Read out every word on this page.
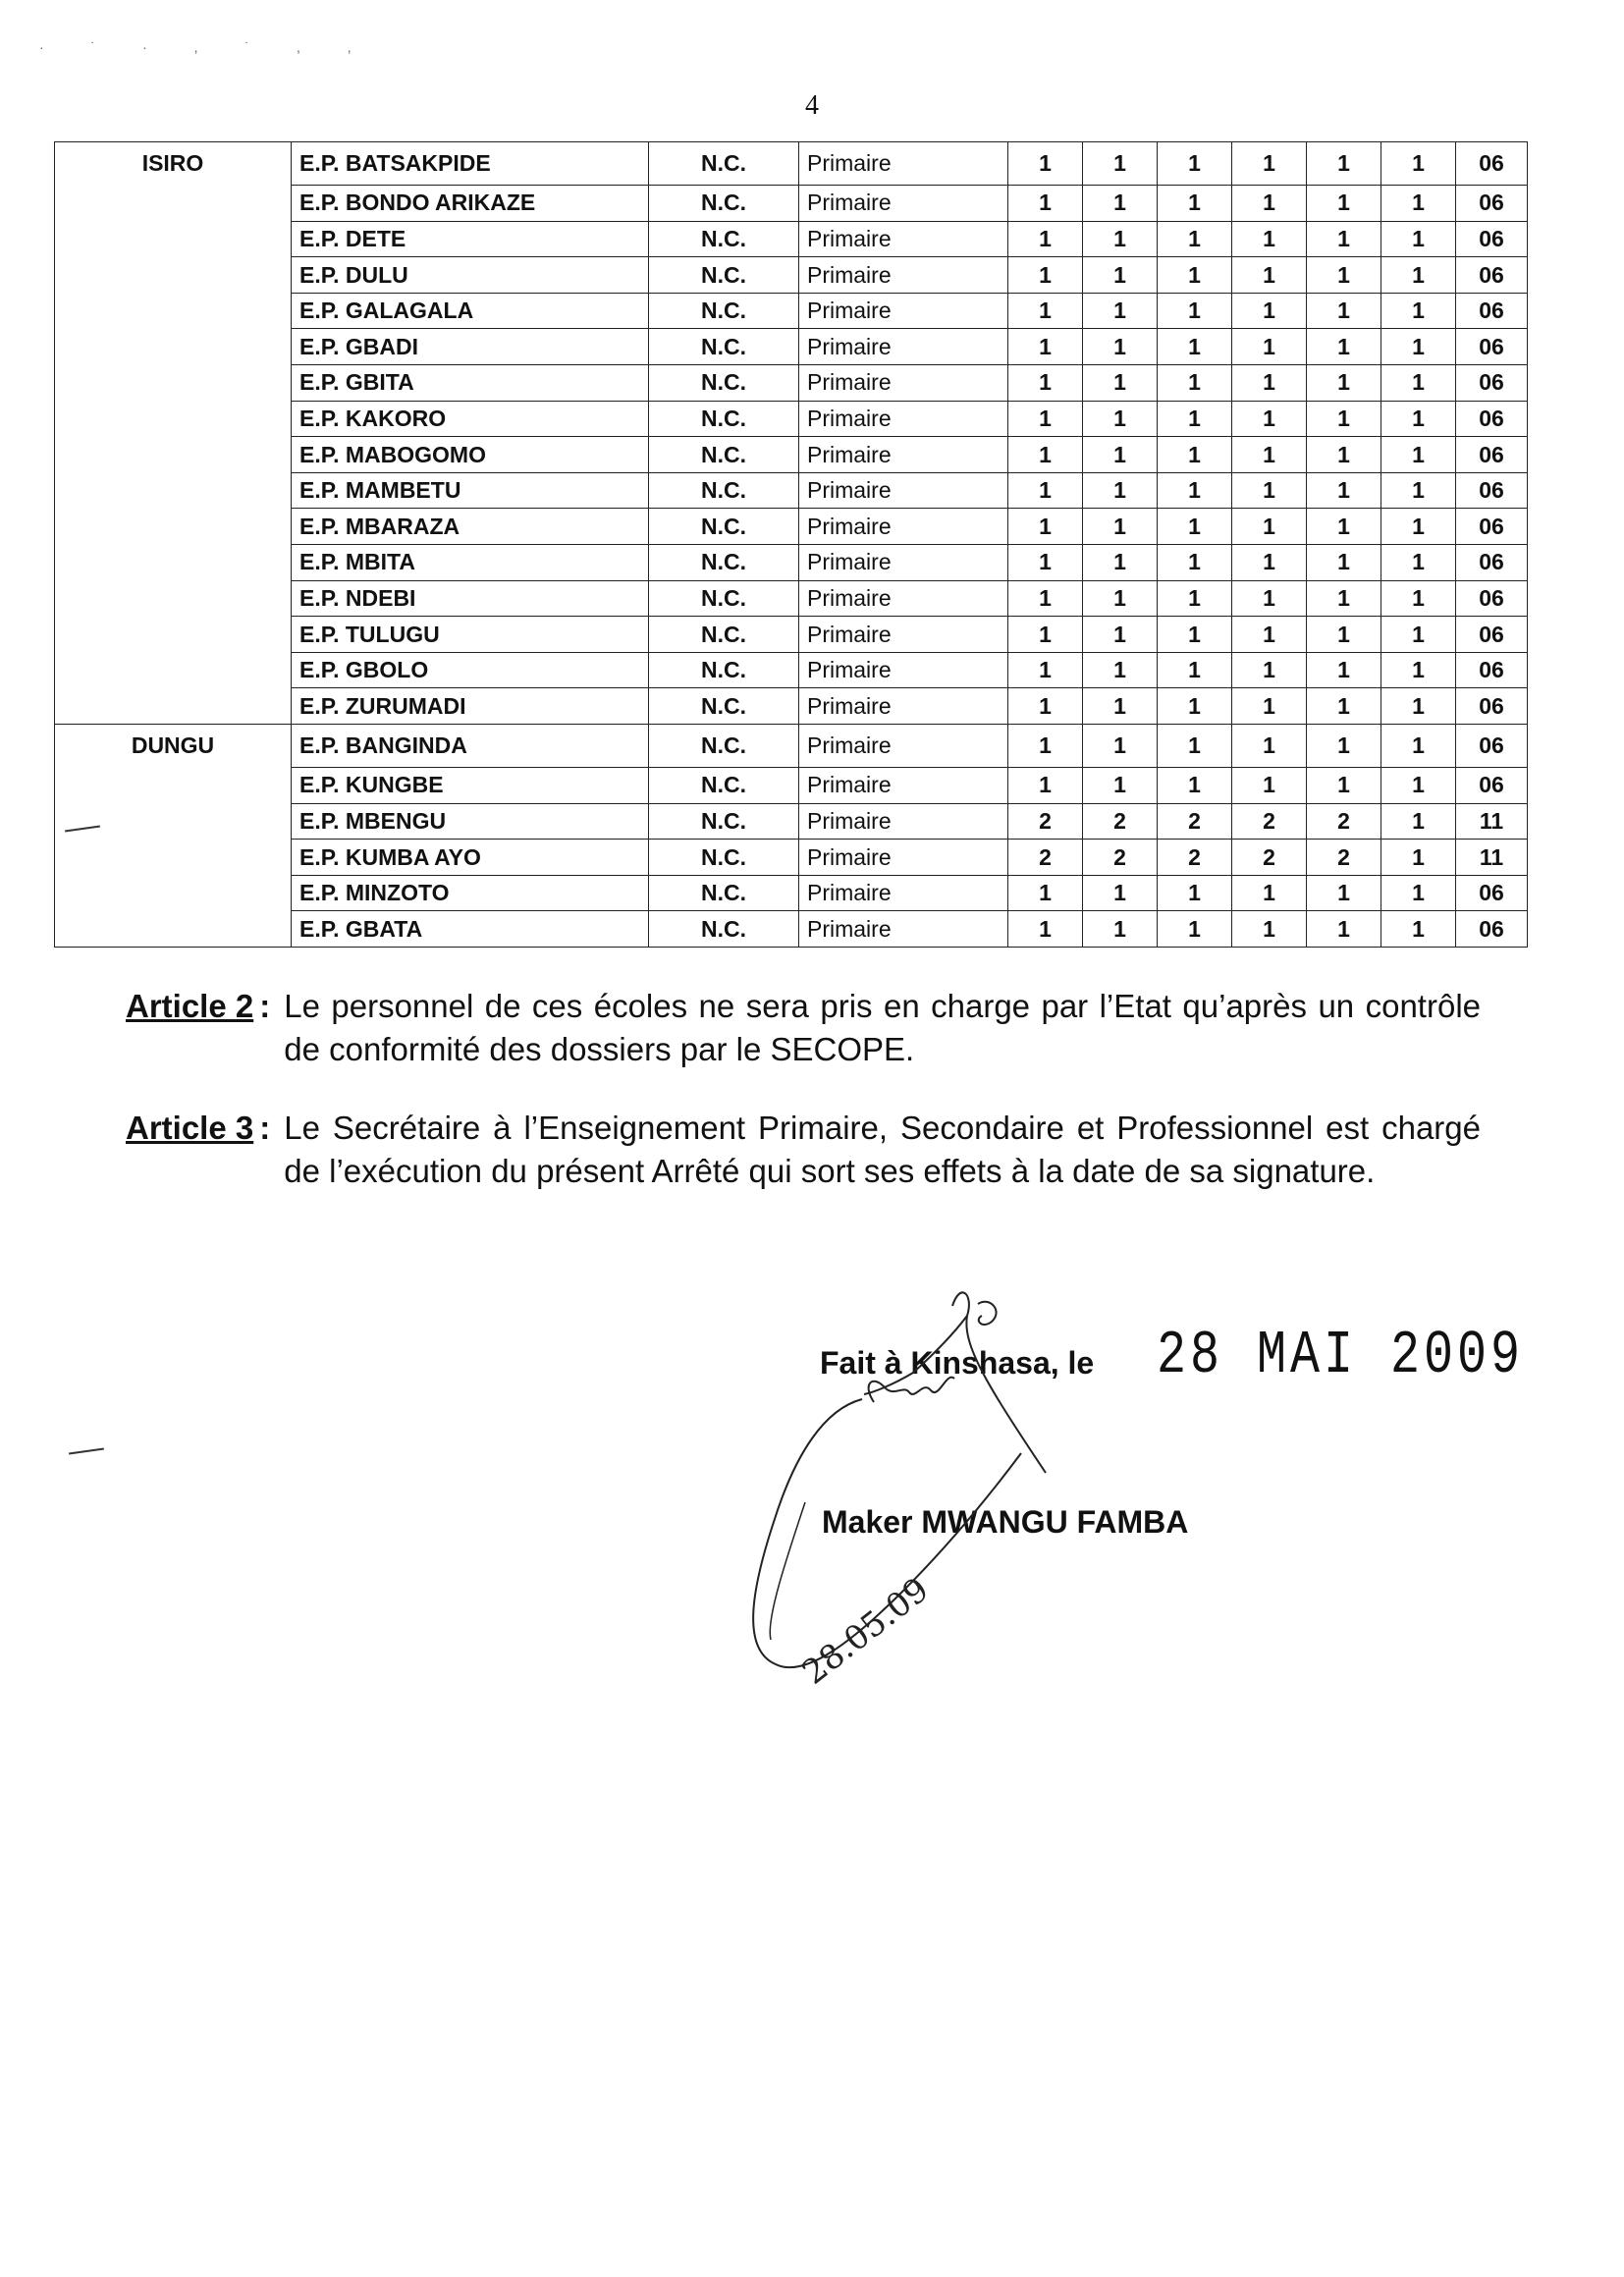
· ˙ · , ˙ , ,
4
ISIRO	E.P. BATSAKPIDE	N.C.	Primaire	1	1	1	1	1	1	06
	E.P. BONDO ARIKAZE	N.C.	Primaire	1	1	1	1	1	1	06
	E.P. DETE	N.C.	Primaire	1	1	1	1	1	1	06
	E.P. DULU	N.C.	Primaire	1	1	1	1	1	1	06
	E.P. GALAGALA	N.C.	Primaire	1	1	1	1	1	1	06
	E.P. GBADI	N.C.	Primaire	1	1	1	1	1	1	06
	E.P. GBITA	N.C.	Primaire	1	1	1	1	1	1	06
	E.P. KAKORO	N.C.	Primaire	1	1	1	1	1	1	06
	E.P. MABOGOMO	N.C.	Primaire	1	1	1	1	1	1	06
	E.P. MAMBETU	N.C.	Primaire	1	1	1	1	1	1	06
	E.P. MBARAZA	N.C.	Primaire	1	1	1	1	1	1	06
	E.P. MBITA	N.C.	Primaire	1	1	1	1	1	1	06
	E.P. NDEBI	N.C.	Primaire	1	1	1	1	1	1	06
	E.P. TULUGU	N.C.	Primaire	1	1	1	1	1	1	06
	E.P. GBOLO	N.C.	Primaire	1	1	1	1	1	1	06
	E.P. ZURUMADI	N.C.	Primaire	1	1	1	1	1	1	06
DUNGU	E.P. BANGINDA	N.C.	Primaire	1	1	1	1	1	1	06
	E.P. KUNGBE	N.C.	Primaire	1	1	1	1	1	1	06
	E.P. MBENGU	N.C.	Primaire	2	2	2	2	2	1	11
	E.P. KUMBA AYO	N.C.	Primaire	2	2	2	2	2	1	11
	E.P. MINZOTO	N.C.	Primaire	1	1	1	1	1	1	06
	E.P. GBATA	N.C.	Primaire	1	1	1	1	1	1	06
Article 2 : Le personnel de ces écoles ne sera pris en charge par l’Etat qu’après un contrôle de conformité des dossiers par le SECOPE.
Article 3 : Le Secrétaire à l’Enseignement Primaire, Secondaire et Professionnel est chargé de l’exécution du présent Arrêté qui sort ses effets à la date de sa signature.
Fait à Kinshasa, le 28 MAI 2009
Maker MWANGU FAMBA
28.05.09
